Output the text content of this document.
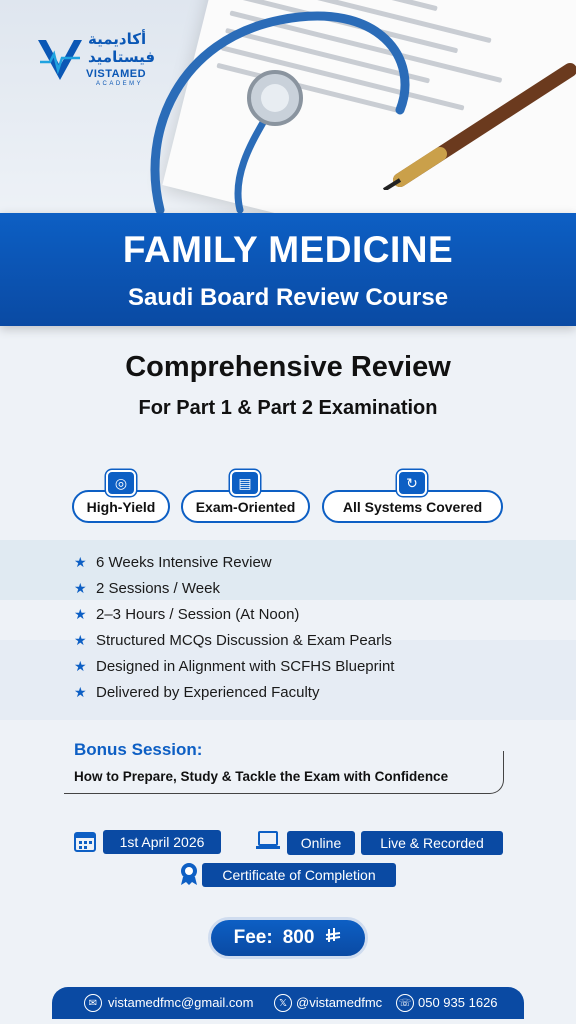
أكاديمية
فيستاميد
VISTAMED
ACADEMY
FAMILY MEDICINE
Saudi Board Review Course
Comprehensive Review
For Part 1 & Part 2 Examination
High-Yield
◎
Exam-Oriented
▤
All Systems Covered
↻
★ 6 Weeks Intensive Review
★ 2 Sessions / Week
★ 2–3 Hours / Session (At Noon)
★ Structured MCQs Discussion & Exam Pearls
★ Designed in Alignment with SCFHS Blueprint
★ Delivered by Experienced Faculty
Bonus Session:
How to Prepare, Study & Tackle the Exam with Confidence
1st April 2026	Online	Live & Recorded
Certificate of Completion
Fee: 800
✉ vistamedfmc@gmail.com	𝕏 @vistamedfmc ☏ 050 935 1626
